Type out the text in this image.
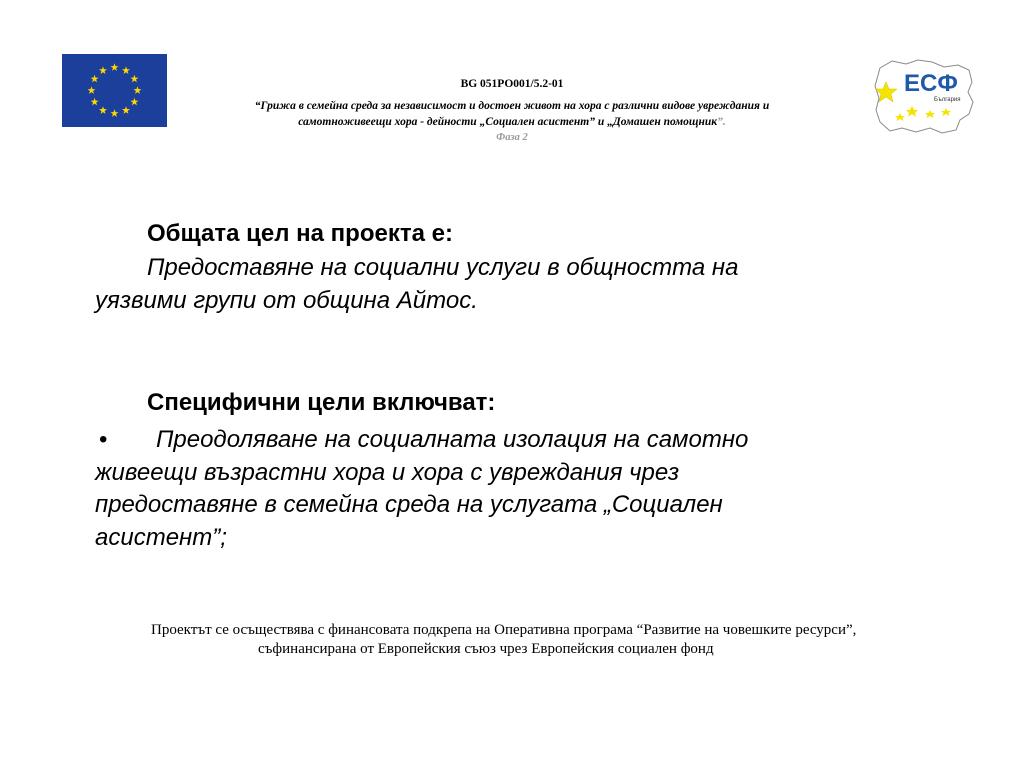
ЕСФ
България
BG 051PO001/5.2-01
“Грижа в семейна среда за независимост и достоен живот на хора с различни видове увреждания и
самотноживеещи хора - дейности „Социален асистент” и „Домашен помощник”.
Фаза 2
Общата цел на проекта е:
Предоставяне на социални услуги в общността на
уязвими групи от община Айтос.
Специфични цели включват:
• Преодоляване на социалната изолация на самотно
живеещи възрастни хора и хора с увреждания чрез
предоставяне в семейна среда на услугата „Социален
асистент”;
Проектът се осъществява с финансовата подкрепа на Оперативна програма “Развитие на човешките ресурси”,
съфинансирана от Европейския съюз чрез Европейския социален фонд
